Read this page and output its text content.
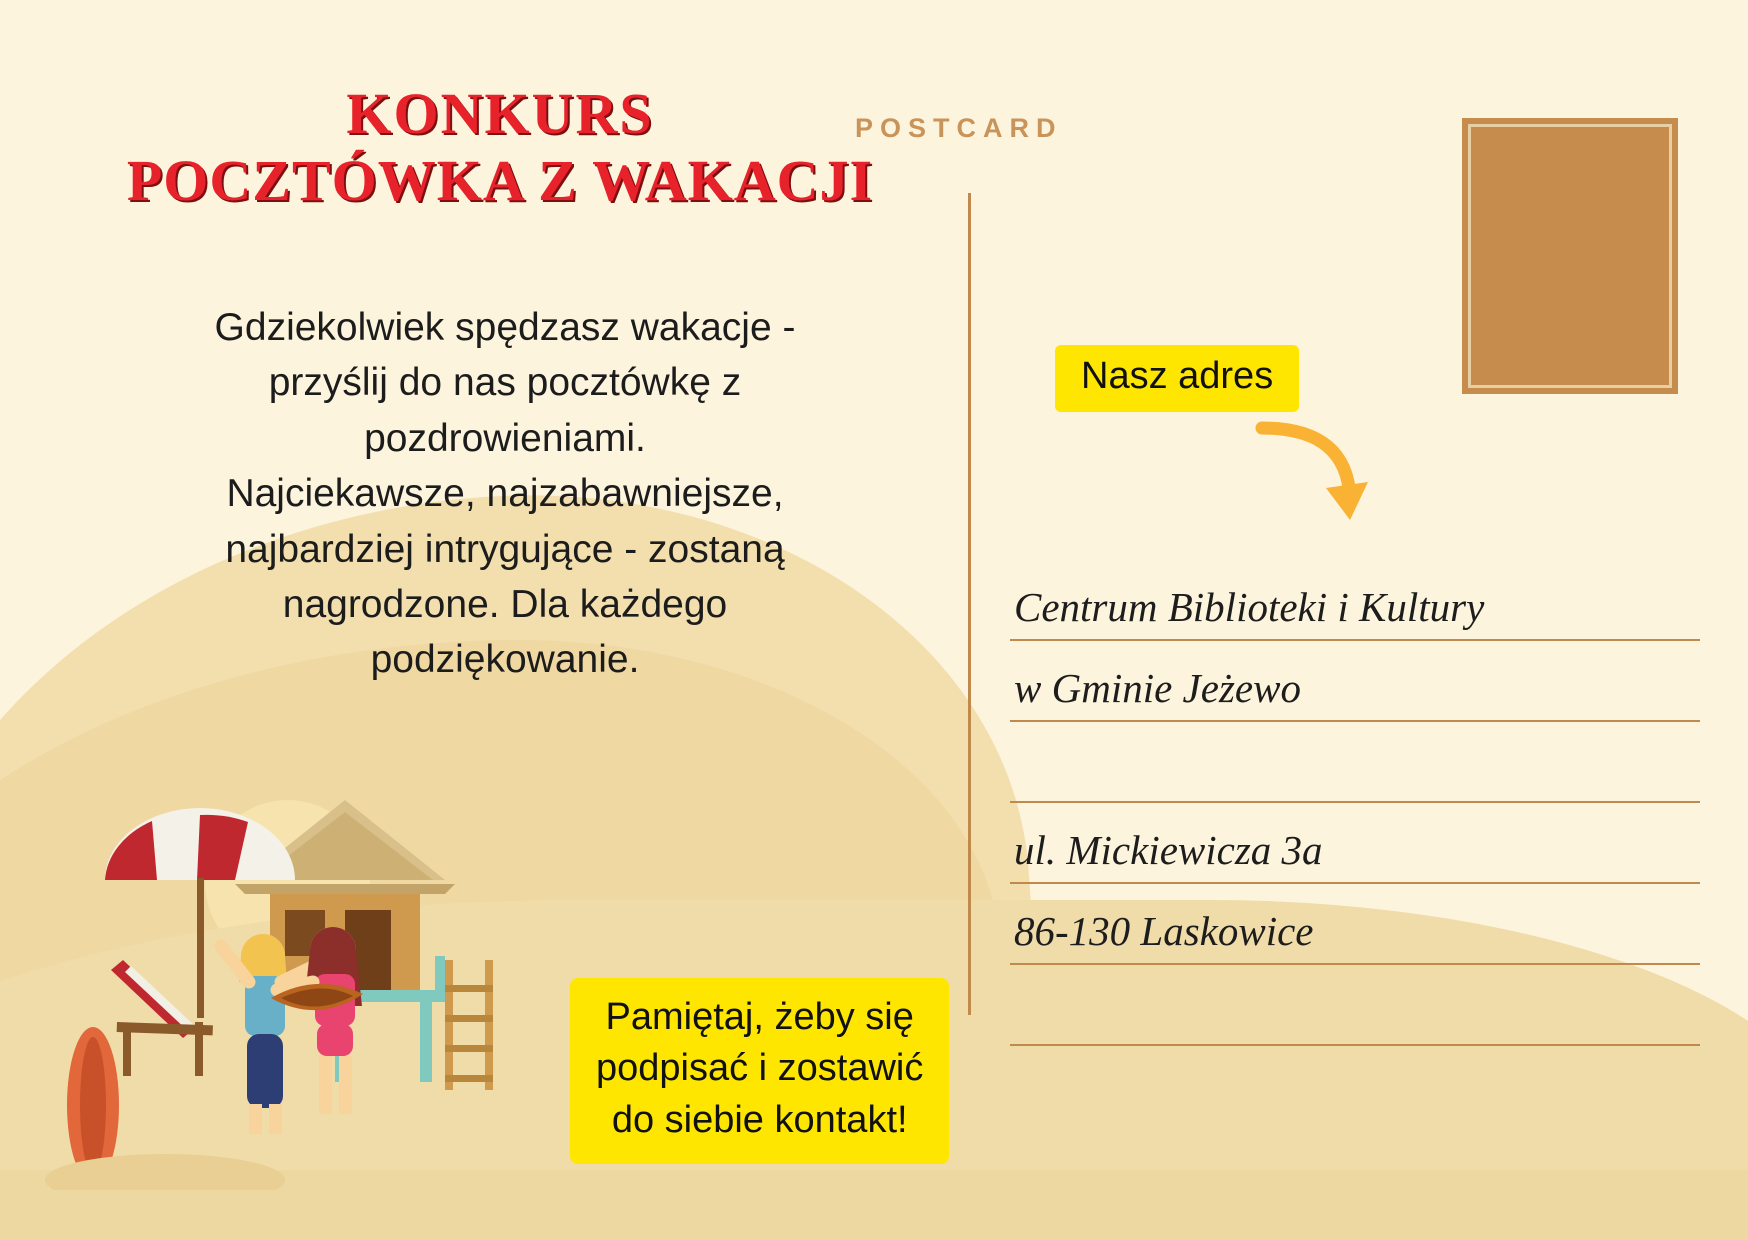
KONKURS
POCZTÓWKA Z WAKACJI
POSTCARD

Gdziekolwiek spędzasz wakacje -

przyślij do nas pocztówkę z

pozdrowieniami.

Najciekawsze, najzabawniejsze,

najbardziej intrygujące - zostaną

nagrodzone. Dla każdego

podziękowanie.

Nasz adres
Centrum Biblioteki i Kultury
w Gminie Jeżewo
ul. Mickiewicza 3a
86-130 Laskowice

Pamiętaj, żeby się

podpisać i zostawić

do siebie kontakt!
